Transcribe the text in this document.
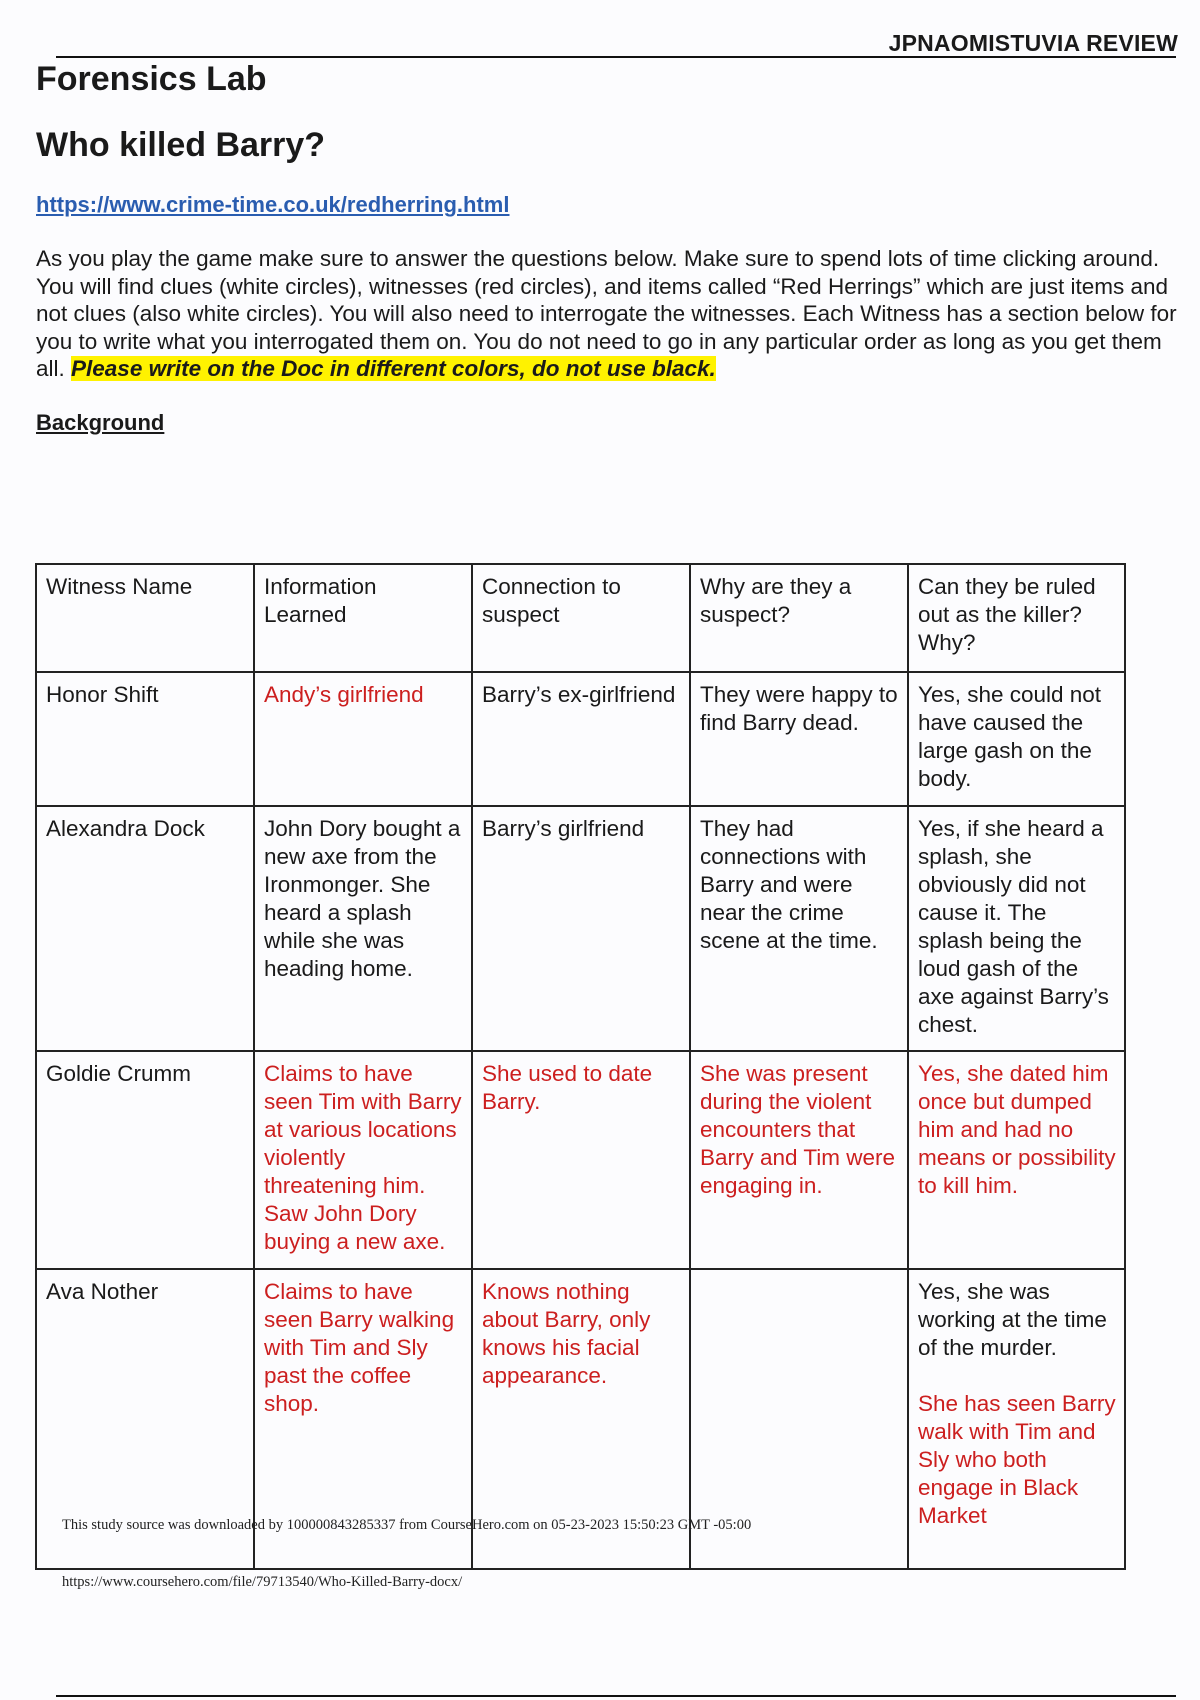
JPNAOMISTUVIA REVIEW
Forensics Lab
Who killed Barry?
https://www.crime-time.co.uk/redherring.html

As you play the game make sure to answer the questions below. Make sure to spend lots of time clicking around. You will find clues (white circles), witnesses (red circles), and items called “Red Herrings” which are just items and not clues (also white circles). You will also need to interrogate the witnesses. Each Witness has a section below for you to write what you interrogated them on. You do not need to go in any particular order as long as you get them all. Please write on the Doc in different colors, do not use black.

Background
Witness Name	Information Learned	Connection to suspect	Why are they a suspect?	Can they be ruled out as the killer? Why?
Honor Shift	Andy’s girlfriend	Barry’s ex-girlfriend	They were happy to find Barry dead.	Yes, she could not have caused the large gash on the body.
Alexandra Dock	John Dory bought a new axe from the Ironmonger. She heard a splash while she was heading home.	Barry’s girlfriend	They had connections with Barry and were near the crime scene at the time.	Yes, if she heard a splash, she obviously did not cause it. The splash being the loud gash of the axe against Barry’s chest.
Goldie Crumm	Claims to have seen Tim with Barry at various locations violently threatening him. Saw John Dory buying a new axe.	She used to date Barry.	She was present during the violent encounters that Barry and Tim were engaging in.	Yes, she dated him once but dumped him and had no means or possibility to kill him.
Ava Nother	Claims to have seen Barry walking with Tim and Sly past the coffee shop.	Knows nothing about Barry, only knows his facial appearance.		Yes, she was working at the time of the murder.
She has seen Barry walk with Tim and Sly who both engage in Black Market
This study source was downloaded by 100000843285337 from CourseHero.com on 05-23-2023 15:50:23 GMT -05:00
https://www.coursehero.com/file/79713540/Who-Killed-Barry-docx/
